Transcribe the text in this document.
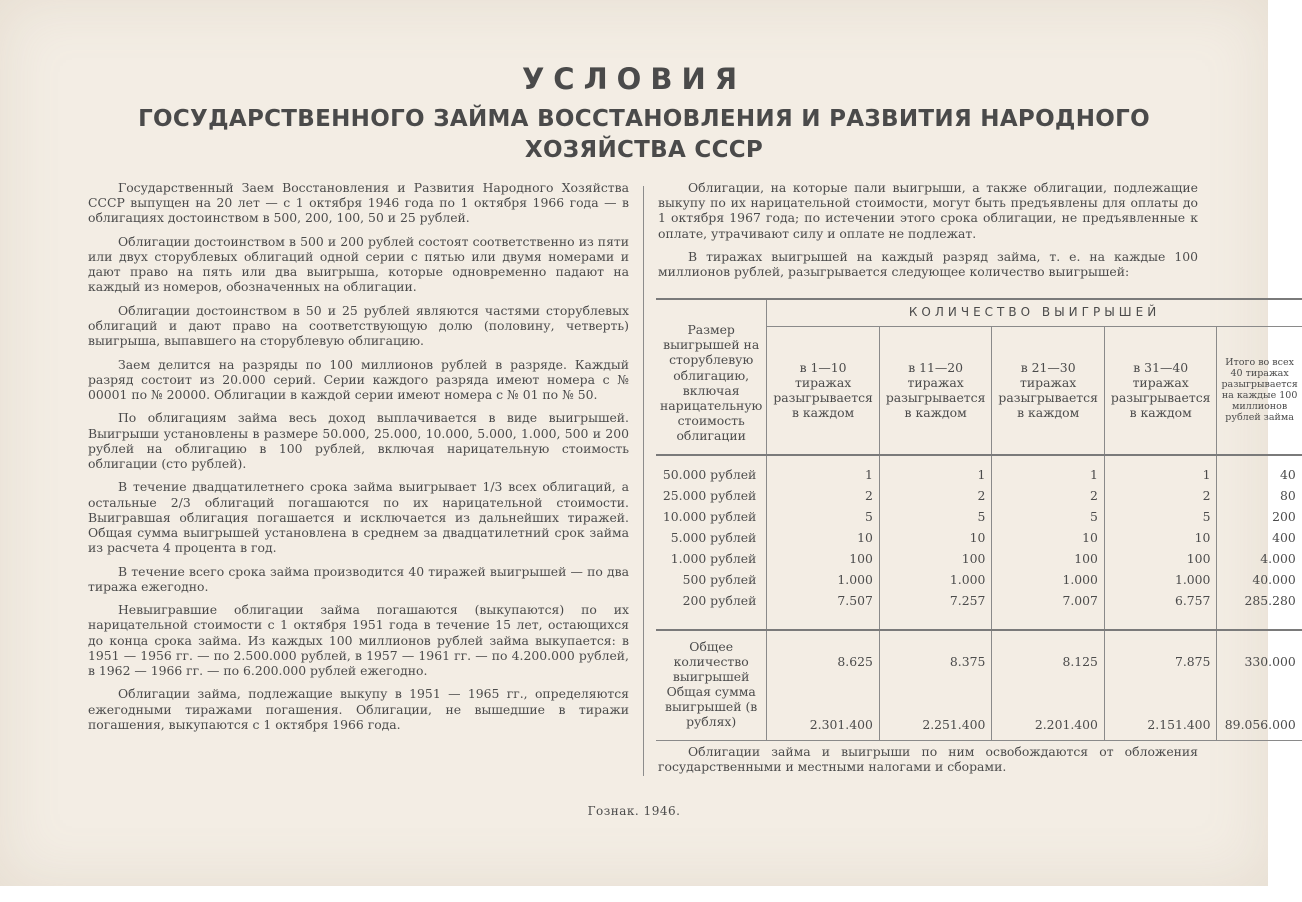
УСЛОВИЯ
ГОСУДАРСТВЕННОГО ЗАЙМА ВОССТАНОВЛЕНИЯ И РАЗВИТИЯ НАРОДНОГО
ХОЗЯЙСТВА СССР

Государственный Заем Восстановления и Развития Народного Хозяйства СССР выпущен на 20 лет — с 1 октября 1946 года по 1 октября 1966 года — в облигациях достоинством в 500, 200, 100, 50 и 25 рублей.

Облигации достоинством в 500 и 200 рублей состоят соответственно из пяти или двух сторублевых облигаций одной серии с пятью или двумя номерами и дают право на пять или два выигрыша, которые одновременно падают на каждый из номеров, обозначенных на облигации.

Облигации достоинством в 50 и 25 рублей являются частями сторублевых облигаций и дают право на соответствующую долю (половину, четверть) выигрыша, выпавшего на сторублевую облигацию.

Заем делится на разряды по 100 миллионов рублей в разряде. Каждый разряд состоит из 20.000 серий. Серии каждого разряда имеют номера с № 00001 по № 20000. Облигации в каждой серии имеют номера с № 01 по № 50.

По облигациям займа весь доход выплачивается в виде выигрышей. Выигрыши установлены в размере 50.000, 25.000, 10.000, 5.000, 1.000, 500 и 200 рублей на облигацию в 100 рублей, включая нарицательную стоимость облигации (сто рублей).

В течение двадцатилетнего срока займа выигрывает 1/3 всех облигаций, а остальные 2/3 облигаций погашаются по их нарицательной стоимости. Выигравшая облигация погашается и исключается из дальнейших тиражей. Общая сумма выигрышей установлена в среднем за двадцатилетний срок займа из расчета 4 процента в год.

В течение всего срока займа производится 40 тиражей выигрышей — по два тиража ежегодно.

Невыигравшие облигации займа погашаются (выкупаются) по их нарицательной стоимости с 1 октября 1951 года в течение 15 лет, остающихся до конца срока займа. Из каждых 100 миллионов рублей займа выкупается: в 1951 — 1956 гг. — по 2.500.000 рублей, в 1957 — 1961 гг. — по 4.200.000 рублей, в 1962 — 1966 гг. — по 6.200.000 рублей ежегодно.

Облигации займа, подлежащие выкупу в 1951 — 1965 гг., определяются ежегодными тиражами погашения. Облигации, не вышедшие в тиражи погашения, выкупаются с 1 октября 1966 года.

Облигации, на которые пали выигрыши, а также облигации, подлежащие выкупу по их нарицательной стоимости, могут быть предъявлены для оплаты до 1 октября 1967 года; по истечении этого срока облигации, не предъявленные к оплате, утрачивают силу и оплате не подлежат.

В тиражах выигрышей на каждый разряд займа, т. е. на каждые 100 миллионов рублей, разыгрывается следующее количество выигрышей:

Размер выигрышей на сторублевую облигацию, включая нарицательную стоимость облигации	КОЛИЧЕСТВО ВЫИГРЫШЕЙ				
	в 1—10 тиражах разыгрывается в каждом	в 11—20 тиражах разыгрывается в каждом	в 21—30 тиражах разыгрывается в каждом	в 31—40 тиражах разыгрывается в каждом	Итого во всех 40 тиражах разыгрывается на каждые 100 миллионов рублей займа

50.000 рублей	1	1	1	1	40
25.000 рублей	2	2	2	2	80
10.000 рублей	5	5	5	5	200
5.000 рублей	10	10	10	10	400
1.000 рублей	100	100	100	100	4.000
500 рублей	1.000	1.000	1.000	1.000	40.000
200 рублей	7.507	7.257	7.007	6.757	285.280

Общее количество выигрышей	8.625	8.375	8.125	7.875	330.000
Общая сумма выигрышей (в рублях)	2.301.400	2.251.400	2.201.400	2.151.400	89.056.000

Облигации займа и выигрыши по ним освобождаются от обложения государственными и местными налогами и сборами.

Гознак. 1946.
